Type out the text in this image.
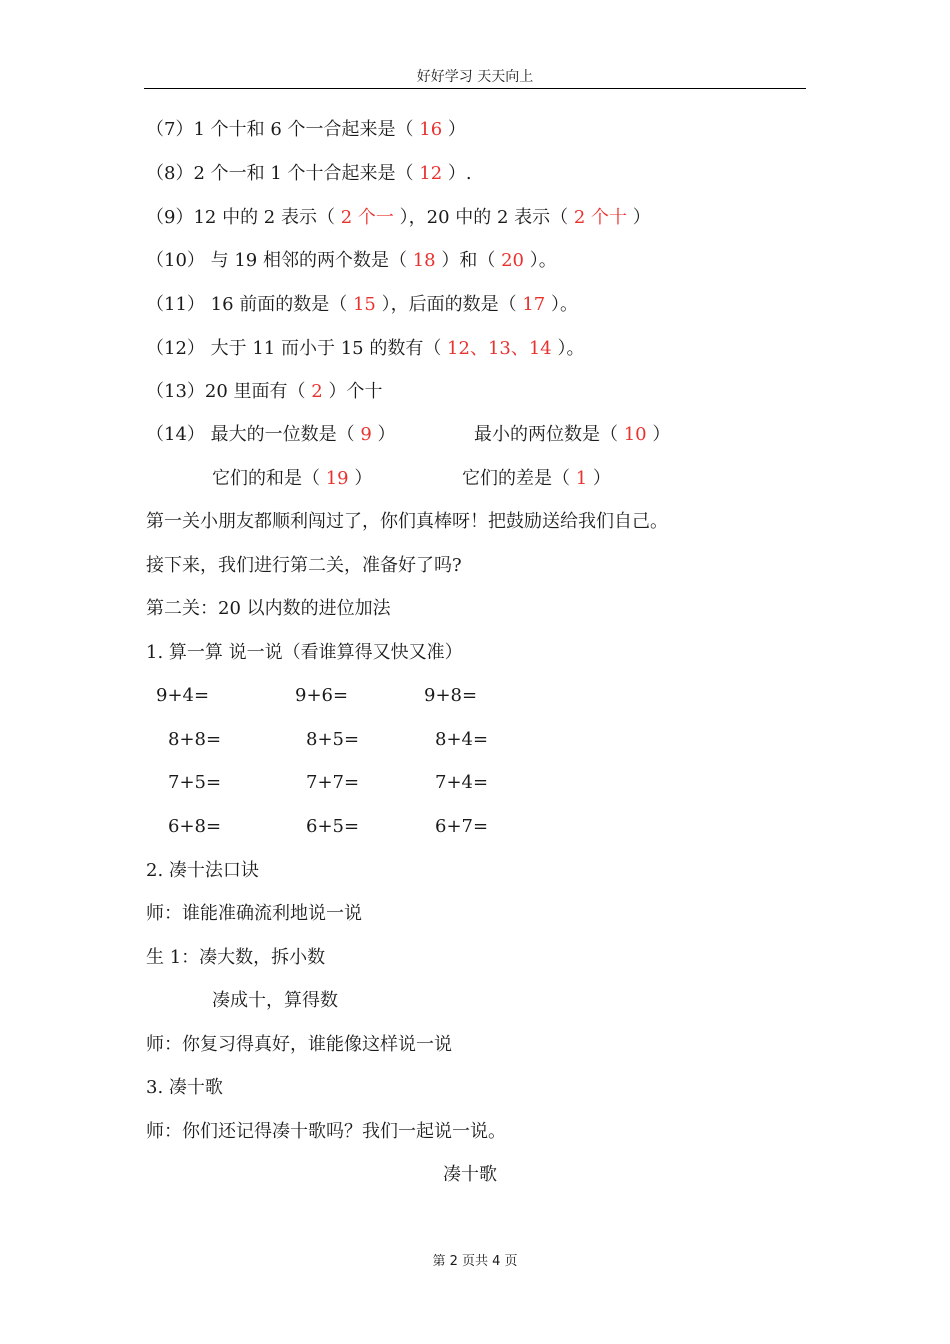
好好学习 天天向上
（7）1 个十和 6 个一合起来是（ 16 ）
（8）2 个一和 1 个十合起来是（ 12 ）.
（9）12 中的 2 表示（ 2 个一 ），20 中的 2 表示（ 2 个十 ）
（10） 与 19 相邻的两个数是（ 18 ）和（ 20 ）。
（11） 16 前面的数是（ 15 ），后面的数是（ 17 ）。
（12） 大于 11 而小于 15 的数有（ 12、13、14 ）。
（13）20 里面有（ 2 ）个十
（14） 最大的一位数是（ 9 ）	最小的两位数是（ 10 ）
它们的和是（ 19 ）	它们的差是（ 1 ）
第一关小朋友都顺利闯过了，你们真棒呀！把鼓励送给我们自己。
接下来，我们进行第二关，准备好了吗?
第二关：20 以内数的进位加法
1. 算一算 说一说（看谁算得又快又准）
9+4=	9+6=	9+8=
8+8=	8+5=	8+4=
7+5=	7+7=	7+4=
6+8=	6+5=	6+7=
2. 凑十法口诀
师：谁能准确流利地说一说
生 1：凑大数，拆小数
凑成十，算得数
师：你复习得真好，谁能像这样说一说
3. 凑十歌
师：你们还记得凑十歌吗？我们一起说一说。
凑十歌
第 2 页共 4 页
